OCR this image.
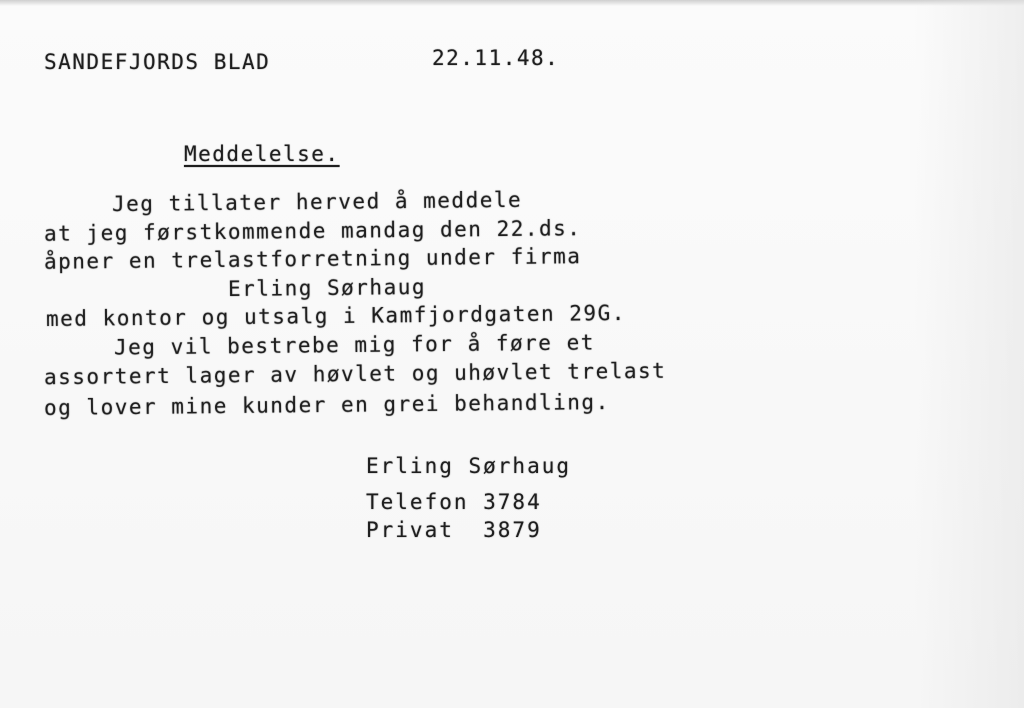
SANDEFJORDS BLAD	22.11.48.
Meddelelse.
Jeg tillater herved å meddele
at jeg førstkommende mandag den 22.ds.
åpner en trelastforretning under firma
Erling Sørhaug
med kontor og utsalg i Kamfjordgaten 29G.
Jeg vil bestrebe mig for å føre et
assortert lager av høvlet og uhøvlet trelast
og lover mine kunder en grei behandling.
Erling Sørhaug
Telefon 3784
Privat  3879
